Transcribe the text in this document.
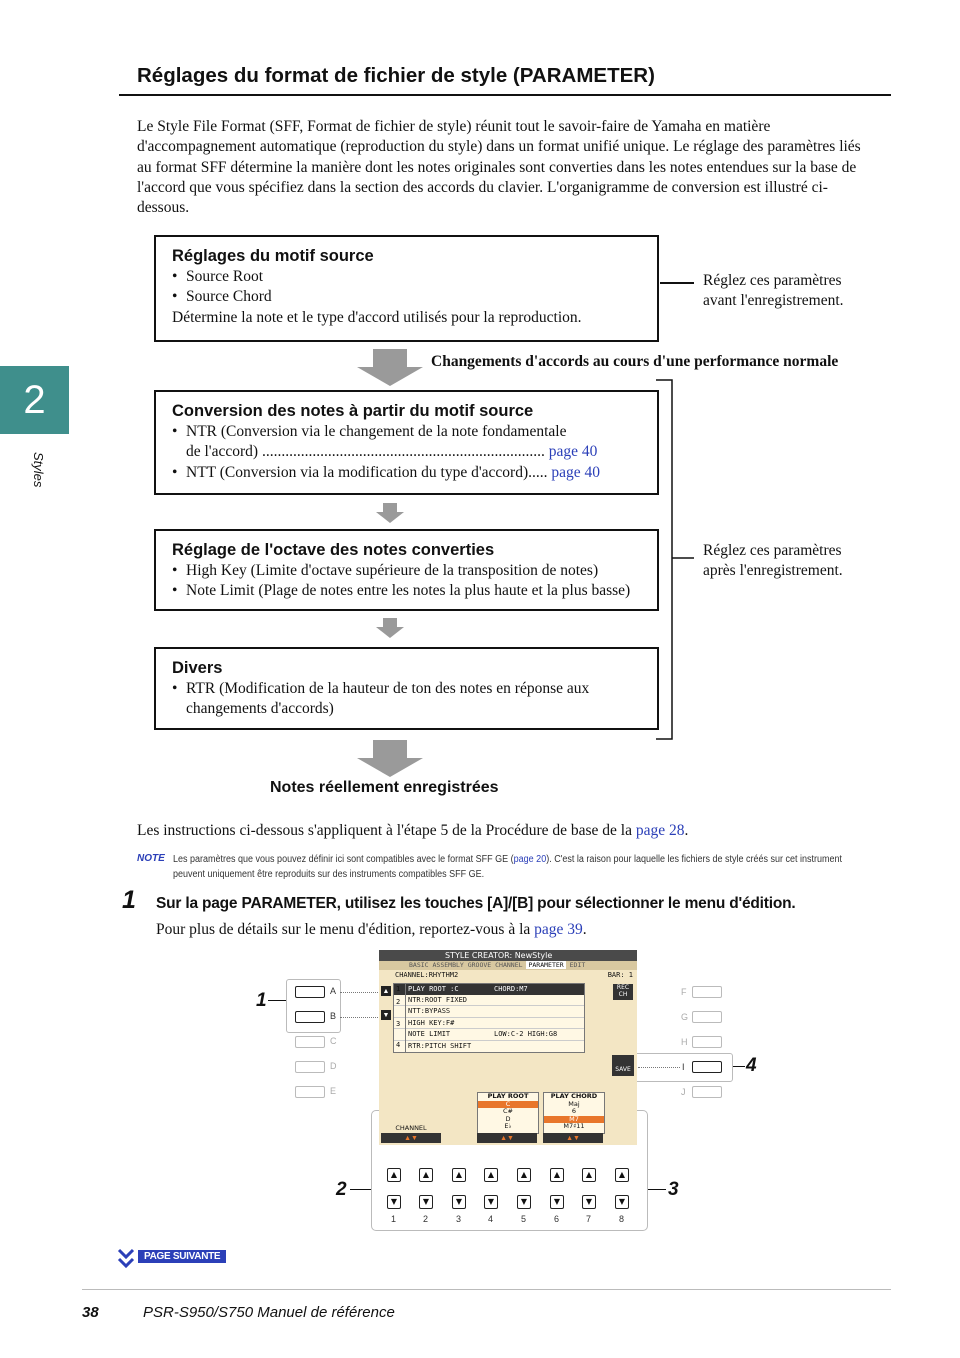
Réglages du format de fichier de style (PARAMETER)
Le Style File Format (SFF, Format de fichier de style) réunit tout le savoir-faire de Yamaha en matière d'accompagnement automatique (reproduction du style) dans un format unifié unique. Le réglage des paramètres liés au format SFF détermine la manière dont les notes originales sont converties dans les notes entendues sur la base de l'accord que vous spécifiez dans la section des accords du clavier. L'organigramme de conversion est illustré ci-dessous.
2
Styles
Réglages du motif source
• Source Root
• Source Chord
Détermine la note et le type d'accord utilisés pour la reproduction.
Réglez ces paramètres avant l'enregistrement.
Changements d'accords au cours d'une performance normale
Conversion des notes à partir du motif source
• NTR (Conversion via le changement de la note fondamentale
de l'accord) ......................................................................... page 40
• NTT (Conversion via la modification du type d'accord)..... page 40
Réglage de l'octave des notes converties
• High Key (Limite d'octave supérieure de la transposition de notes)
• Note Limit (Plage de notes entre les notes la plus haute et la plus basse)
Divers
• RTR (Modification de la hauteur de ton des notes en réponse aux
changements d'accords)
Réglez ces paramètres après l'enregistrement.
Notes réellement enregistrées
Les instructions ci-dessous s'appliquent à l'étape 5 de la Procédure de base de la page 28.
NOTE Les paramètres que vous pouvez définir ici sont compatibles avec le format SFF GE (page 20). C'est la raison pour laquelle les fichiers de style créés sur cet instrument peuvent uniquement être reproduits sur des instruments compatibles SFF GE.
1 Sur la page PARAMETER, utilisez les touches [A]/[B] pour sélectionner le menu d'édition.
Pour plus de détails sur le menu d'édition, reportez-vous à la page 39.
STYLE CREATOR: NewStyle
BASIC ASSEMBLY GROOVE CHANNEL PARAMETER EDIT
CHANNEL:RHYTHM2	BAR: 1
PLAY ROOT :C	CHORD:M7
NTR:ROOT FIXED
NTT:BYPASS
HIGH KEY:F#
NOTE LIMIT	LOW:C-2 HIGH:G8
RTR:PITCH SHIFT
1
2
3
4
▲
▼
REC
CH
SAVE
CHANNEL
▲▼
PLAY ROOT
C
C#
D
E♭
PLAY CHORD
Maj
6
M7
M7♯11
▲▼	▲▼
A
B
C
D
E
F
G
H
I
J
1
2	3
4
▲
▼
▲
▼
▲
▼
▲
▼
▲
▼
▲
▼
▲
▼
▲
▼
1	2	3	4	5	6	7	8
PAGE SUIVANTE
38	PSR-S950/S750 Manuel de référence
